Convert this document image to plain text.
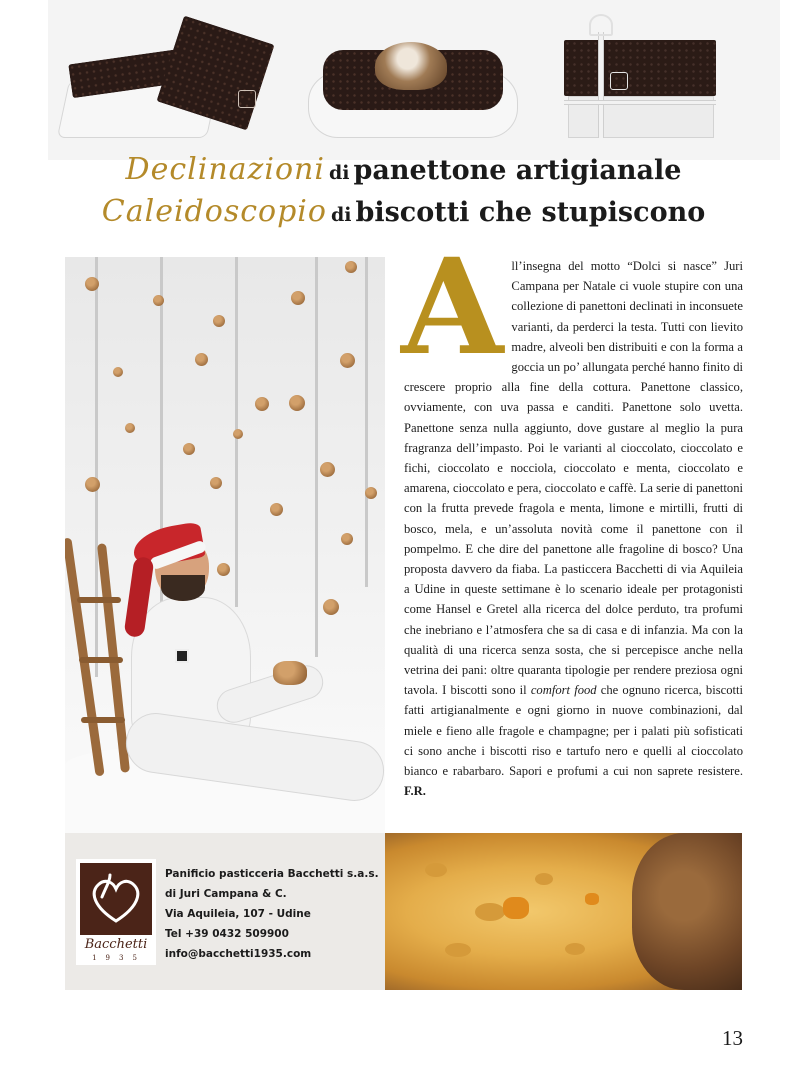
Declinazioni di panettone artigianale
Caleidoscopio di biscotti che stupiscono
A ll’insegna del motto “Dolci si nasce” Juri Campana per Natale ci vuole stupire con una collezione di panettoni declinati in inconsuete varianti, da perderci la testa. Tutti con lievito madre, alveoli ben distribuiti e con la forma a goccia un po’ allungata perché hanno finito di crescere proprio alla fine della cottura. Panettone classico, ovviamente, con uva passa e canditi. Panettone solo uvetta. Panettone senza nulla aggiunto, dove gustare al meglio la pura fragranza dell’impasto. Poi le varianti al cioccolato, cioccolato e fichi, cioccolato e nocciola, cioccolato e menta, cioccolato e amarena, cioccolato e pera, cioccolato e caffè. La serie di panettoni con la frutta prevede fragola e menta, limone e mirtilli, frutti di bosco, mela, e un’assoluta novità come il panettone con il pompelmo. E che dire del panettone alle fragoline di bosco? Una proposta davvero da fiaba. La pasticcera Bacchetti di via Aquileia a Udine in queste settimane è lo scenario ideale per protagonisti come Hansel e Gretel alla ricerca del dolce perduto, tra profumi che inebriano e l’atmosfera che sa di casa e di infanzia. Ma con la qualità di una ricerca senza sosta, che si percepisce anche nella vetrina dei pani: oltre quaranta tipologie per rendere preziosa ogni tavola. I biscotti sono il comfort food che ognuno ricerca, biscotti fatti artigianalmente e ogni giorno in nuove combinazioni, dal miele e fieno alle fragole e champagne; per i palati più sofisticati ci sono anche i biscotti riso e tartufo nero e quelli al cioccolato bianco e rabarbaro. Sapori e profumi a cui non saprete resistere. F.R.

Bacchetti
1935
Panificio pasticceria Bacchetti s.a.s.
di Juri Campana & C.
Via Aquileia, 107 - Udine
Tel +39 0432 509900
info@bacchetti1935.com
13
